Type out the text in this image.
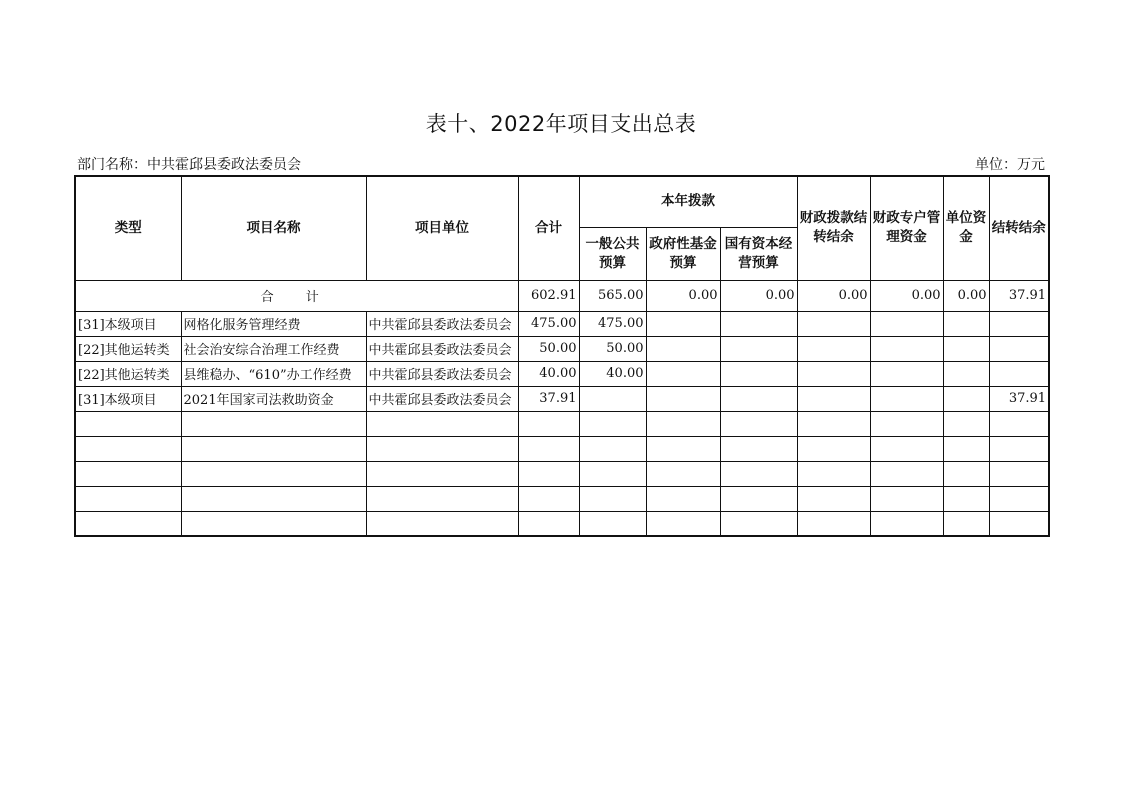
表十、2022年项目支出总表
部门名称：中共霍邱县委政法委员会	单位：万元
类型	项目名称	项目单位	合计	本年拨款			财政拨款结转结余	财政专户管理资金	单位资金	结转结余
				一般公共预算	政府性基金预算	国有资本经营预算				
合 计			602.91	565.00	0.00	0.00	0.00	0.00	0.00	37.91
[31]本级项目	网格化服务管理经费	中共霍邱县委政法委员会	475.00	475.00						
[22]其他运转类	社会治安综合治理工作经费	中共霍邱县委政法委员会	50.00	50.00						
[22]其他运转类	县维稳办、“610”办工作经费	中共霍邱县委政法委员会	40.00	40.00						
[31]本级项目	2021年国家司法救助资金	中共霍邱县委政法委员会	37.91							37.91
